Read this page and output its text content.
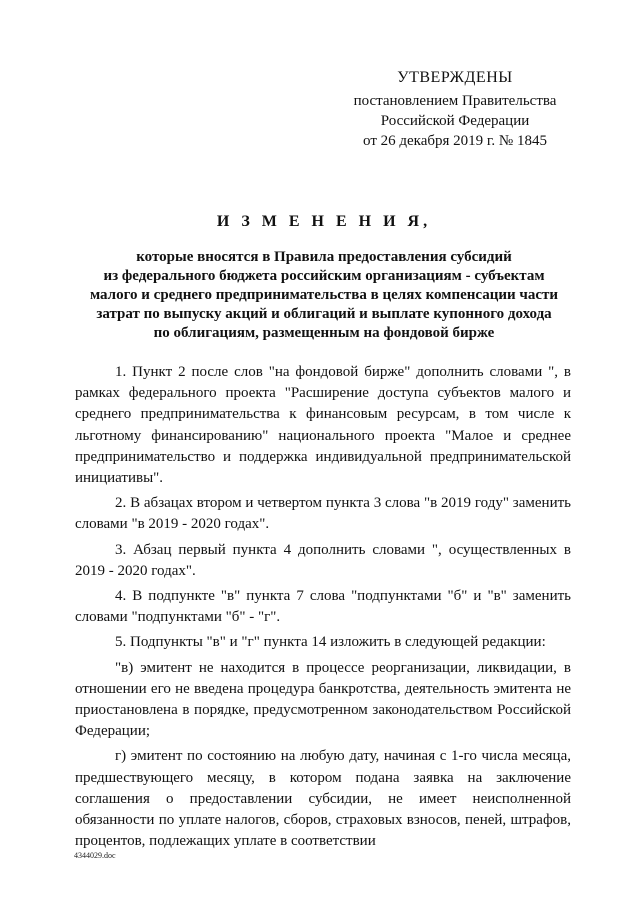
УТВЕРЖДЕНЫ
постановлением Правительства
Российской Федерации
от 26 декабря 2019 г. № 1845
И З М Е Н Е Н И Я,
которые вносятся в Правила предоставления субсидий
из федерального бюджета российским организациям - субъектам
малого и среднего предпринимательства в целях компенсации части
затрат по выпуску акций и облигаций и выплате купонного дохода
по облигациям, размещенным на фондовой бирже

1. Пункт 2 после слов "на фондовой бирже" дополнить словами ", в рамках федерального проекта "Расширение доступа субъектов малого и среднего предпринимательства к финансовым ресурсам, в том числе к льготному финансированию" национального проекта "Малое и среднее предпринимательство и поддержка индивидуальной предпринимательской инициативы".

2. В абзацах втором и четвертом пункта 3 слова "в 2019 году" заменить словами "в 2019 - 2020 годах".

3. Абзац первый пункта 4 дополнить словами ", осуществленных в 2019 - 2020 годах".

4. В подпункте "в" пункта 7 слова "подпунктами "б" и "в" заменить словами "подпунктами "б" - "г".

5. Подпункты "в" и "г" пункта 14 изложить в следующей редакции:

"в) эмитент не находится в процессе реорганизации, ликвидации, в отношении его не введена процедура банкротства, деятельность эмитента не приостановлена в порядке, предусмотренном законодательством Российской Федерации;

г) эмитент по состоянию на любую дату, начиная с 1-го числа месяца, предшествующего месяцу, в котором подана заявка на заключение соглашения о предоставлении субсидии, не имеет неисполненной обязанности по уплате налогов, сборов, страховых взносов, пеней, штрафов, процентов, подлежащих уплате в соответствии

4344029.doc
